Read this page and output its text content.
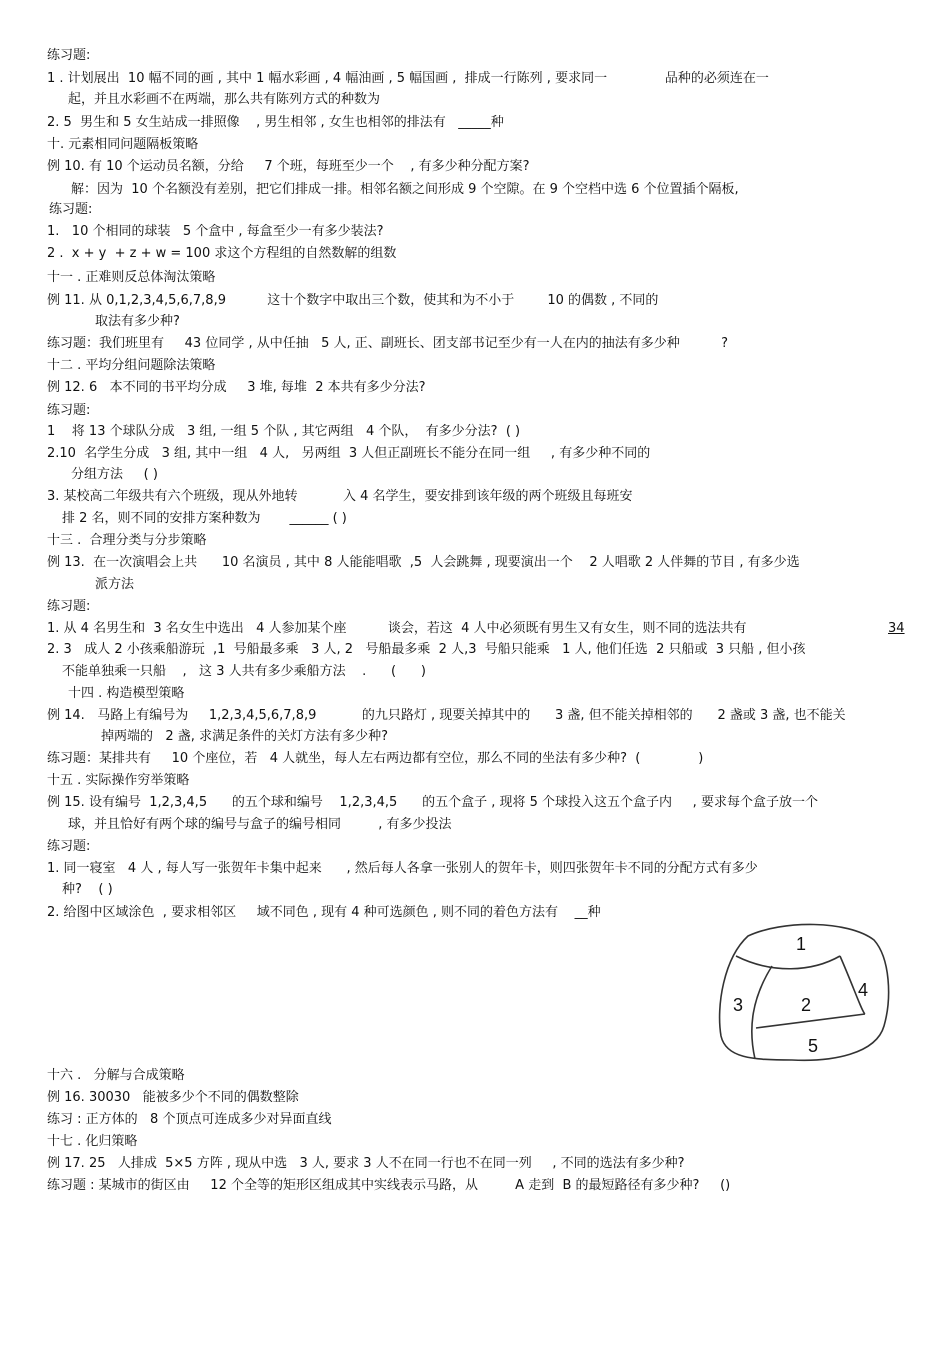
练习题:
1 . 计划展出  10 幅不同的画 , 其中 1 幅水彩画 , 4 幅油画 , 5 幅国画 ,  排成一行陈列 , 要求同一              品种的必须连在一
起，并且水彩画不在两端，那么共有陈列方式的种数为
2. 5  男生和 5 女生站成一排照像    , 男生相邻 , 女生也相邻的排法有   _____种
十. 元素相同问题隔板策略
例 10. 有 10 个运动员名额，分给     7 个班，每班至少一个    , 有多少种分配方案?
解：因为  10 个名额没有差别，把它们排成一排。相邻名额之间形成 9 个空隙。在 9 个空档中选 6 个位置插个隔板,
练习题:
1.   10 个相同的球装   5 个盒中 , 每盒至少一有多少装法?
2 .  x + y  + z + w = 100 求这个方程组的自然数解的组数
十一 . 正难则反总体淘汰策略
例 11. 从 0,1,2,3,4,5,6,7,8,9          这十个数字中取出三个数，使其和为不小于        10 的偶数 , 不同的
取法有多少种?
练习题：我们班里有     43 位同学 , 从中任抽   5 人, 正、副班长、团支部书记至少有一人在内的抽法有多少种          ?
十二 . 平均分组问题除法策略
例 12. 6   本不同的书平均分成     3 堆, 每堆  2 本共有多少分法?
练习题:
1    将 13 个球队分成   3 组, 一组 5 个队 , 其它两组   4 个队，  有多少分法?  ( )
2.10  名学生分成   3 组, 其中一组   4 人,   另两组  3 人但正副班长不能分在同一组     , 有多少种不同的
分组方法     ( )
3. 某校高二年级共有六个班级，现从外地转           入 4 名学生，要安排到该年级的两个班级且每班安
排 2 名，则不同的安排方案种数为       ______ ( )
十三 .  合理分类与分步策略
例 13.  在一次演唱会上共      10 名演员 , 其中 8 人能能唱歌  ,5  人会跳舞 , 现要演出一个    2 人唱歌 2 人伴舞的节目 , 有多少选
派方法
练习题:
1. 从 4 名男生和  3 名女生中选出   4 人参加某个座          谈会，若这  4 人中必须既有男生又有女生，则不同的选法共有	34
2. 3   成人 2 小孩乘船游玩  ,1  号船最多乘   3 人, 2   号船最多乘  2 人,3  号船只能乘   1 人, 他们任选  2 只船或  3 只船 , 但小孩
不能单独乘一只船    ,   这 3 人共有多少乘船方法    .      (      )
十四 . 构造模型策略
例 14.   马路上有编号为     1,2,3,4,5,6,7,8,9           的九只路灯 , 现要关掉其中的      3 盏, 但不能关掉相邻的      2 盏或 3 盏, 也不能关
掉两端的   2 盏, 求满足条件的关灯方法有多少种?
练习题：某排共有     10 个座位，若   4 人就坐，每人左右两边都有空位，那么不同的坐法有多少种?  (              )
十五 . 实际操作穷举策略
例 15. 设有编号  1,2,3,4,5      的五个球和编号    1,2,3,4,5      的五个盒子 , 现将 5 个球投入这五个盒子内     , 要求每个盒子放一个
球，并且恰好有两个球的编号与盒子的编号相同         , 有多少投法
练习题:
1. 同一寝室   4 人 , 每人写一张贺年卡集中起来      , 然后每人各拿一张别人的贺年卡，则四张贺年卡不同的分配方式有多少
种?    ( )
2. 给图中区域涂色  , 要求相邻区     域不同色 , 现有 4 种可选颜色 , 则不同的着色方法有    __种
1
2
3
4
5
十六 .   分解与合成策略
例 16. 30030   能被多少个不同的偶数整除
练习 : 正方体的   8 个顶点可连成多少对异面直线
十七 . 化归策略
例 17. 25   人排成  5×5 方阵 , 现从中选   3 人, 要求 3 人不在同一行也不在同一列     , 不同的选法有多少种?
练习题 : 某城市的街区由     12 个全等的矩形区组成其中实线表示马路，从         A 走到  B 的最短路径有多少种?     ()
